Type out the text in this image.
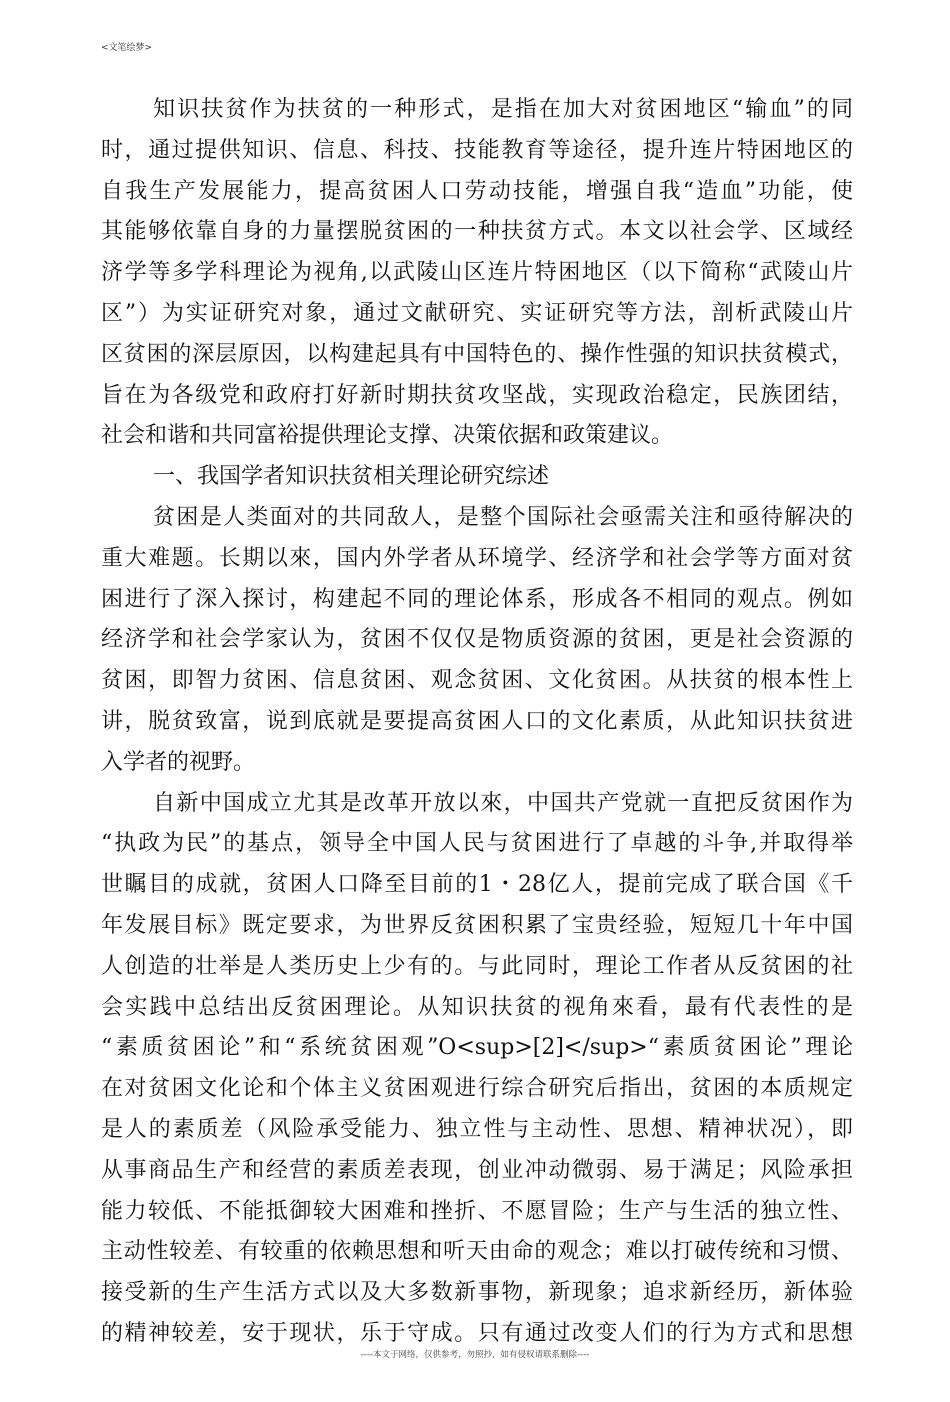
<文笔绘梦>
知识扶贫作为扶贫的一种形式，是指在加大对贫困地区“输血”的同
时，通过提供知识、信息、科技、技能教育等途径，提升连片特困地区的
自我生产发展能力，提高贫困人口劳动技能，增强自我“造血”功能，使
其能够依靠自身的力量摆脱贫困的一种扶贫方式。本文以社会学、区域经
济学等多学科理论为视角,以武陵山区连片特困地区（以下简称“武陵山片
区”）为实证研究对象，通过文献研究、实证研究等方法，剖析武陵山片
区贫困的深层原因，以构建起具有中国特色的、操作性强的知识扶贫模式，
旨在为各级党和政府打好新时期扶贫攻坚战，实现政治稳定，民族团结，
社会和谐和共同富裕提供理论支撑、决策依据和政策建议。
一、我国学者知识扶贫相关理论研究综述
贫困是人类面对的共同敌人，是整个国际社会亟需关注和亟待解决的
重大难题。长期以來，国内外学者从环境学、经济学和社会学等方面对贫
困进行了深入探讨，构建起不同的理论体系，形成各不相同的观点。例如
经济学和社会学家认为，贫困不仅仅是物质资源的贫困，更是社会资源的
贫困，即智力贫困、信息贫困、观念贫困、文化贫困。从扶贫的根本性上
讲，脱贫致富，说到底就是要提高贫困人口的文化素质，从此知识扶贫进
入学者的视野。
自新中国成立尤其是改革开放以來，中国共产党就一直把反贫困作为
“执政为民”的基点，领导全中国人民与贫困进行了卓越的斗争,并取得举
世瞩目的成就，贫困人口降至目前的1・28亿人，提前完成了联合国《千
年发展目标》既定要求，为世界反贫困积累了宝贵经验，短短几十年中国
人创造的壮举是人类历史上少有的。与此同时，理论工作者从反贫困的社
会实践中总结出反贫困理论。从知识扶贫的视角來看，最有代表性的是
“素质贫困论”和“系统贫困观”O<sup>[2]</sup>“素质贫困论”理论
在对贫困文化论和个体主义贫困观进行综合研究后指出，贫困的本质规定
是人的素质差（风险承受能力、独立性与主动性、思想、精神状况），即
从事商品生产和经营的素质差表现，创业冲动微弱、易于满足；风险承担
能力较低、不能抵御较大困难和挫折、不愿冒险；生产与生活的独立性、
主动性较差、有较重的依赖思想和听天由命的观念；难以打破传统和习惯、
接受新的生产生活方式以及大多数新事物，新现象；追求新经历，新体验
的精神较差，安于现状，乐于守成。只有通过改变人们的行为方式和思想
----本文于网络，仅供参考，勿照抄，如有侵权请联系删除----
